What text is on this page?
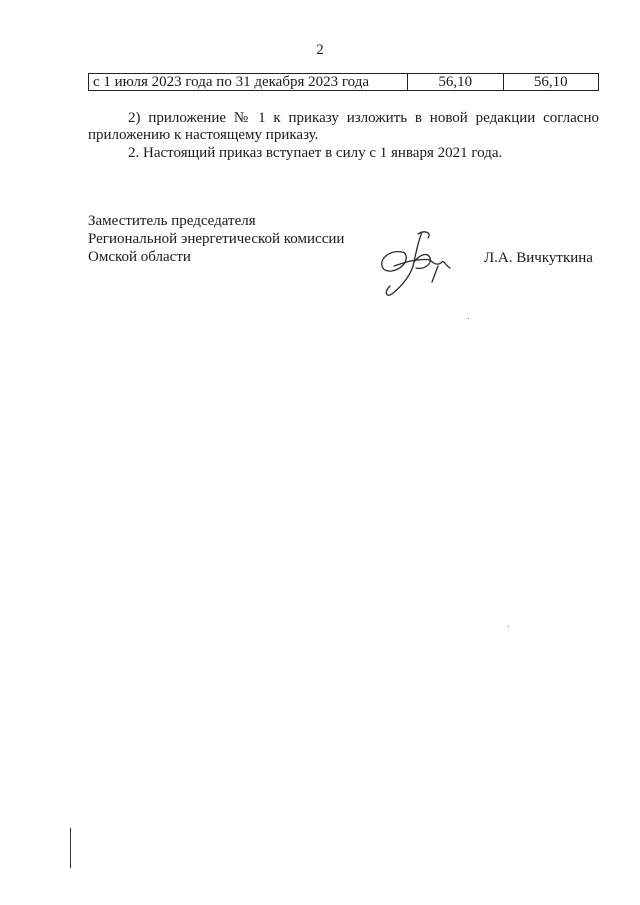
2
с 1 июля 2023 года по 31 декабря 2023 года	56,10	56,10
2) приложение № 1 к приказу изложить в новой редакции согласно
приложению к настоящему приказу.
2. Настоящий приказ вступает в силу с 1 января 2021 года.
Заместитель председателя
Региональной энергетической комиссии
Омской области	Л.А. Вичкуткина
